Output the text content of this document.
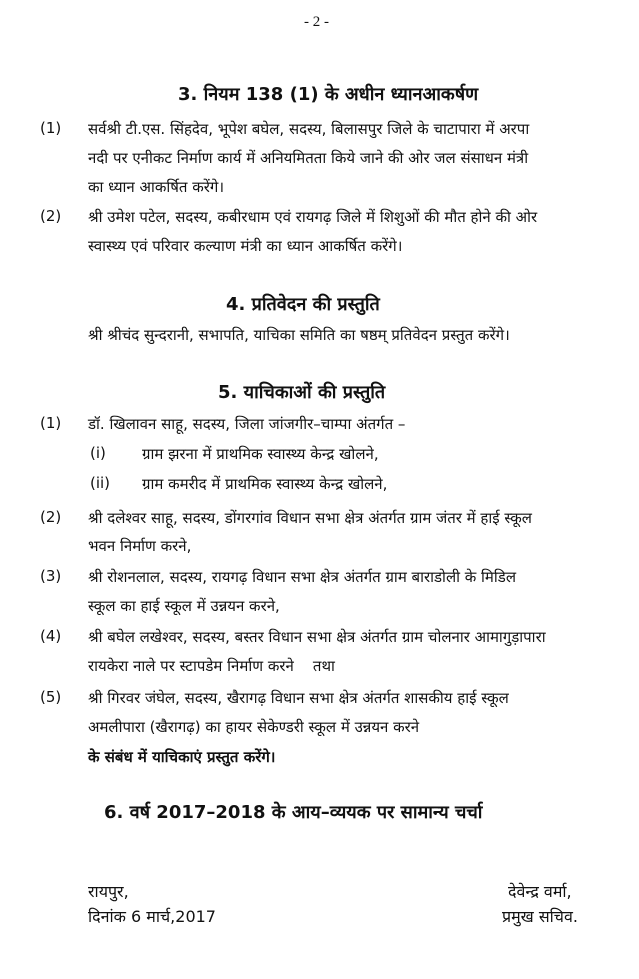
- 2 -
3. नियम 138 (1) के अधीन ध्यानआकर्षण
(1) सर्वश्री टी.एस. सिंहदेव, भूपेश बघेल, सदस्य, बिलासपुर जिले के चाटापारा में अरपा
नदी पर एनीकट निर्माण कार्य में अनियमितता किये जाने की ओर जल संसाधन मंत्री
का ध्यान आकर्षित करेंगे।
(2) श्री उमेश पटेल, सदस्य, कबीरधाम एवं रायगढ़ जिले में शिशुओं की मौत होने की ओर
स्वास्थ्य एवं परिवार कल्याण मंत्री का ध्यान आकर्षित करेंगे।
4. प्रतिवेदन की प्रस्तुति
श्री श्रीचंद सुन्दरानी, सभापति, याचिका समिति का षष्ठम् प्रतिवेदन प्रस्तुत करेंगे।
5. याचिकाओं की प्रस्तुति
(1) डॉ. खिलावन साहू, सदस्य, जिला जांजगीर–चाम्पा अंतर्गत –
(i) ग्राम झरना में प्राथमिक स्वास्थ्य केन्द्र खोलने,
(ii) ग्राम कमरीद में प्राथमिक स्वास्थ्य केन्द्र खोलने,
(2) श्री दलेश्वर साहू, सदस्य, डोंगरगांव विधान सभा क्षेत्र अंतर्गत ग्राम जंतर में हाई स्कूल
भवन निर्माण करने,
(3) श्री रोशनलाल, सदस्य, रायगढ़ विधान सभा क्षेत्र अंतर्गत ग्राम बाराडोली के मिडिल
स्कूल का हाई स्कूल में उन्नयन करने,
(4) श्री बघेल लखेश्वर, सदस्य, बस्तर विधान सभा क्षेत्र अंतर्गत ग्राम चोलनार आमागुड़ापारा
रायकेरा नाले पर स्टापडेम निर्माण करने    तथा
(5) श्री गिरवर जंघेल, सदस्य, खैरागढ़ विधान सभा क्षेत्र अंतर्गत शासकीय हाई स्कूल
अमलीपारा (खैरागढ़) का हायर सेकेण्डरी स्कूल में उन्नयन करने
के संबंध में याचिकाएं प्रस्तुत करेंगे।
6. वर्ष 2017–2018 के आय–व्ययक पर सामान्य चर्चा
रायपुर,
दिनांक 6 मार्च,2017
देवेन्द्र वर्मा,
प्रमुख सचिव.
